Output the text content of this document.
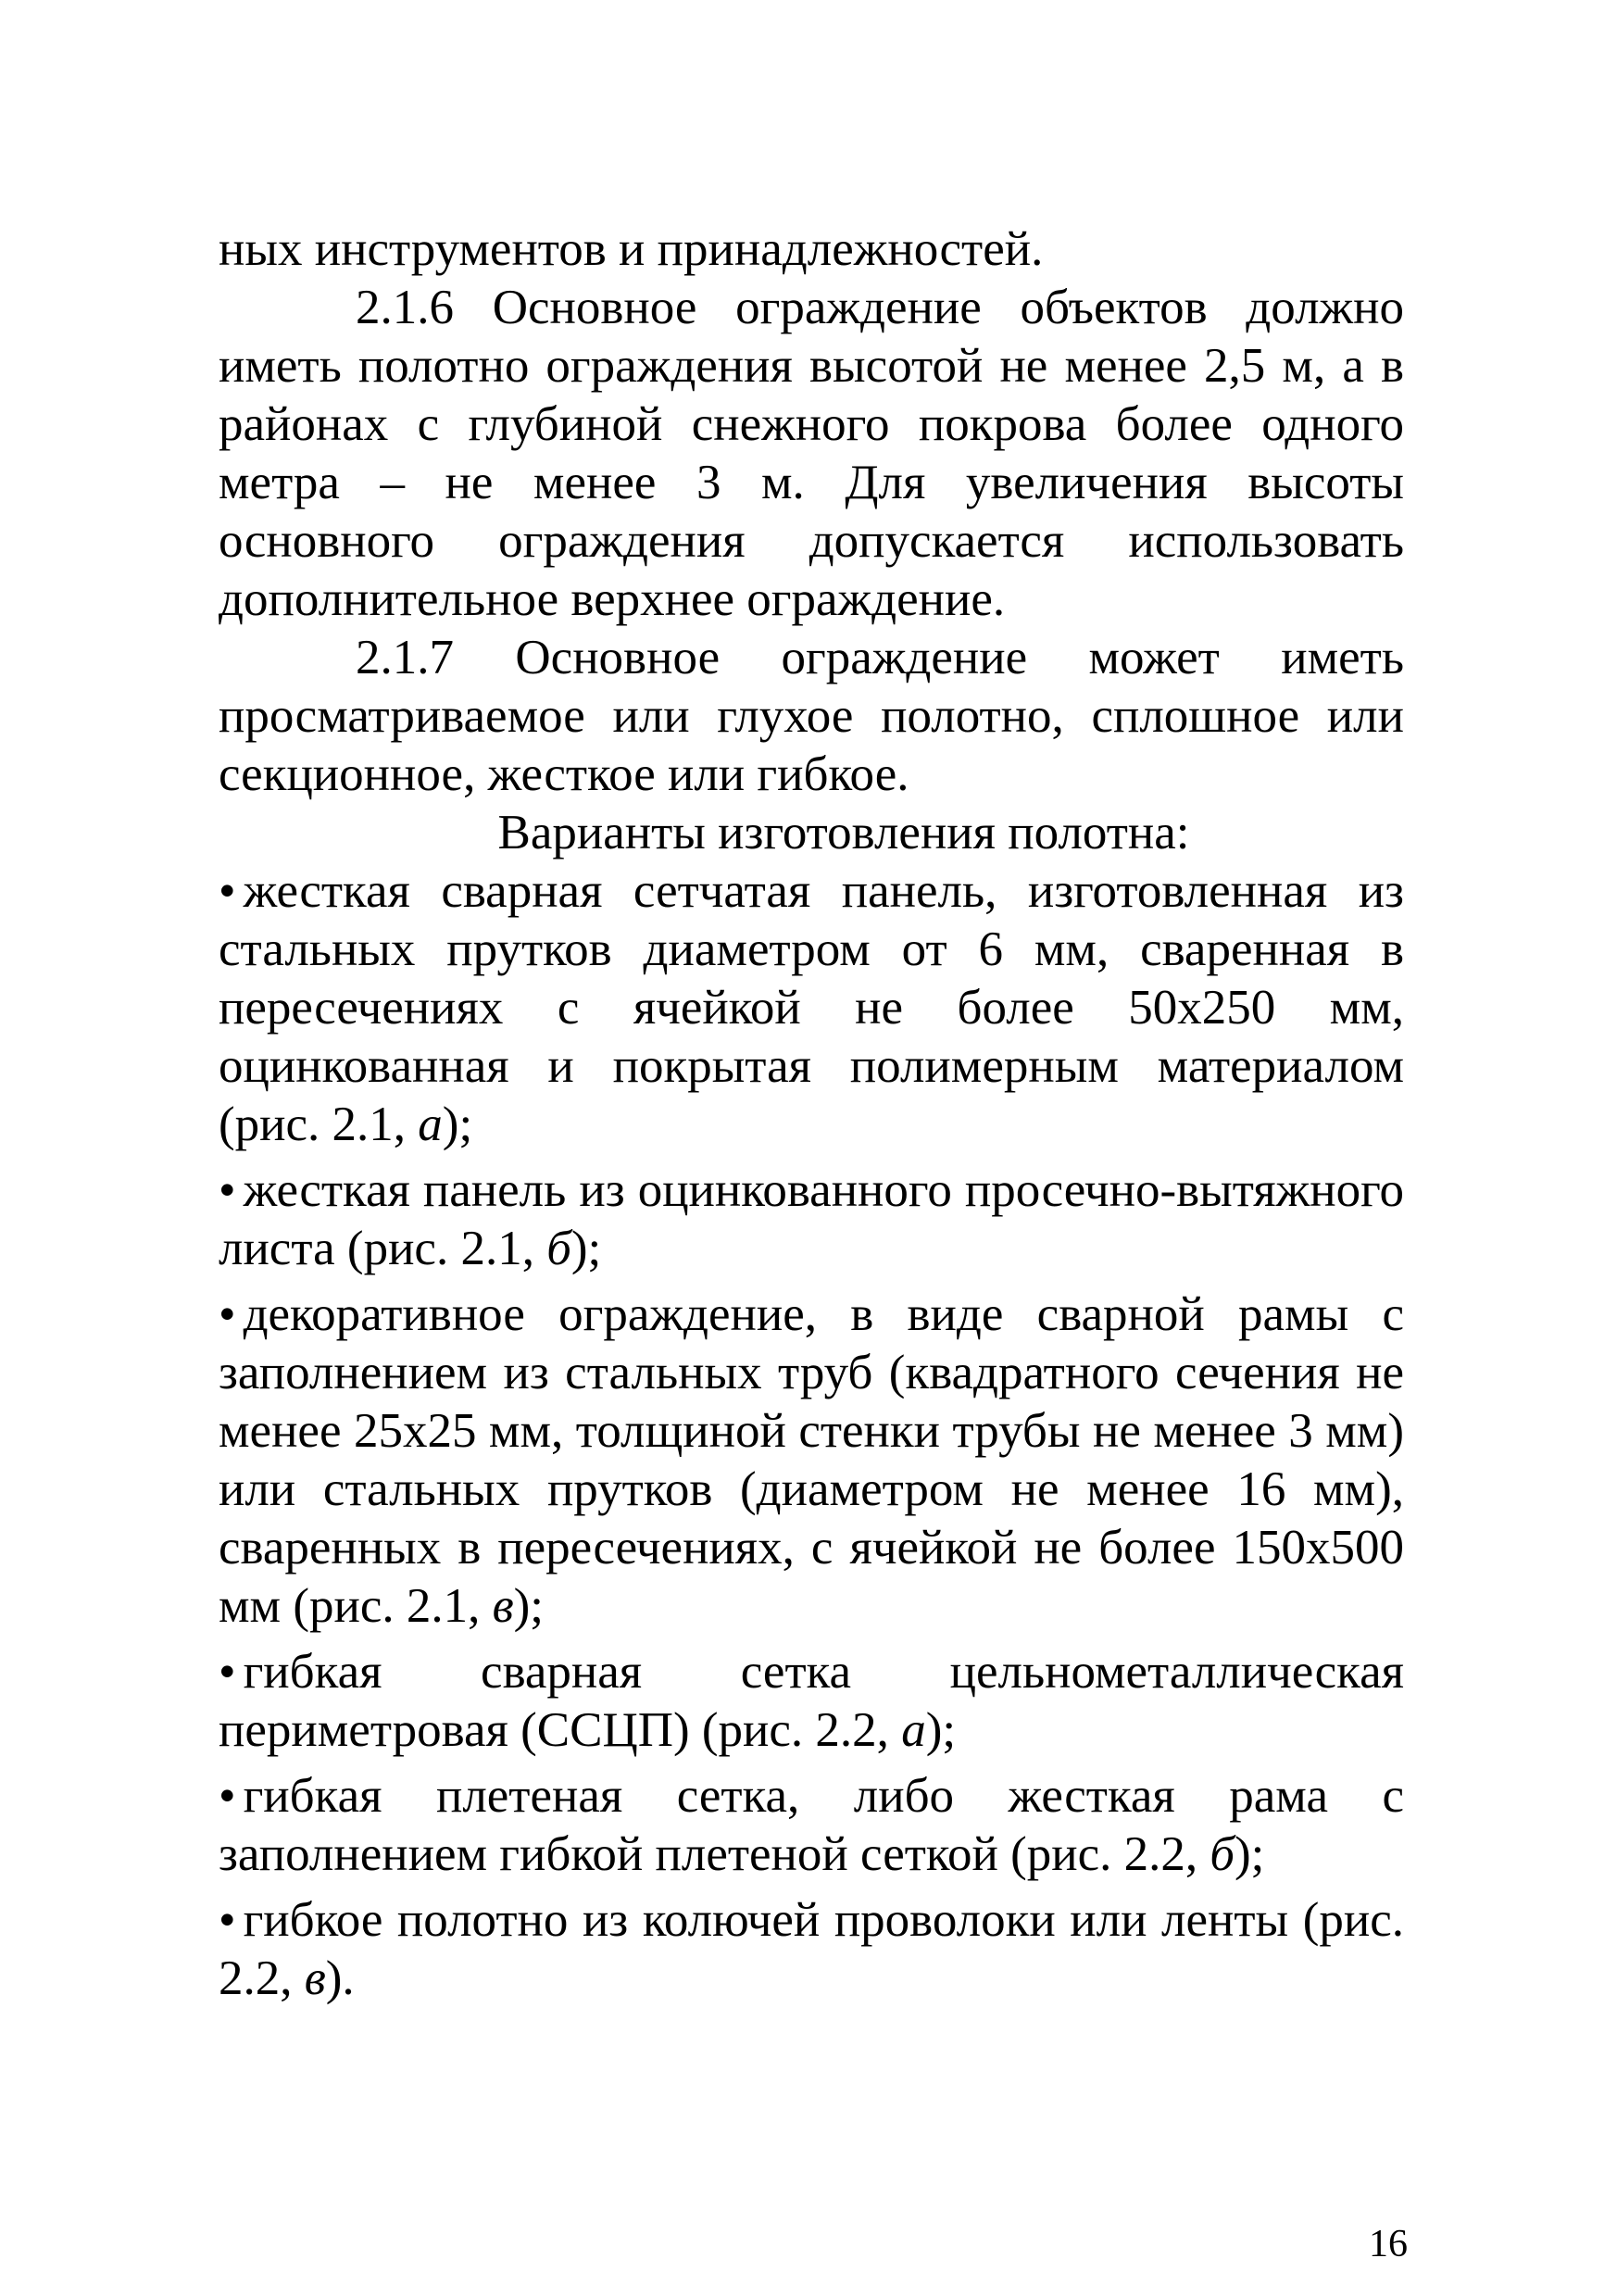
ных инструментов и принадлежностей.

2.1.6 Основное ограждение объектов должно иметь полотно ограждения высотой не менее 2,5 м, а в районах с глубиной снежного покрова более одного метра – не менее 3 м. Для увеличения высоты основного ограждения допускается использовать дополнительное верхнее ограждение.

2.1.7 Основное ограждение может иметь просматриваемое или глухое полотно, сплошное или секционное, жесткое или гибкое.

Варианты изготовления полотна:

• жесткая сварная сетчатая панель, изготовленная из стальных прутков диаметром от 6 мм, сваренная в пересечениях с ячейкой не более 50х250 мм, оцинкованная и покрытая полимерным материалом (рис. 2.1, а);

• жесткая панель из оцинкованного просечно-вытяжного листа (рис. 2.1, б);

• декоративное ограждение, в виде сварной рамы с заполнением из стальных труб (квадратного сечения не менее 25х25 мм, толщиной стенки трубы не менее 3 мм) или стальных прутков (диаметром не менее 16 мм), сваренных в пересечениях, с ячейкой не более 150х500 мм (рис. 2.1, в);

• гибкая сварная сетка цельнометаллическая периметровая (ССЦП) (рис. 2.2, а);

• гибкая плетеная сетка, либо жесткая рама с заполнением гибкой плетеной сеткой (рис. 2.2, б);

• гибкое полотно из колючей проволоки или ленты (рис. 2.2, в).

16
